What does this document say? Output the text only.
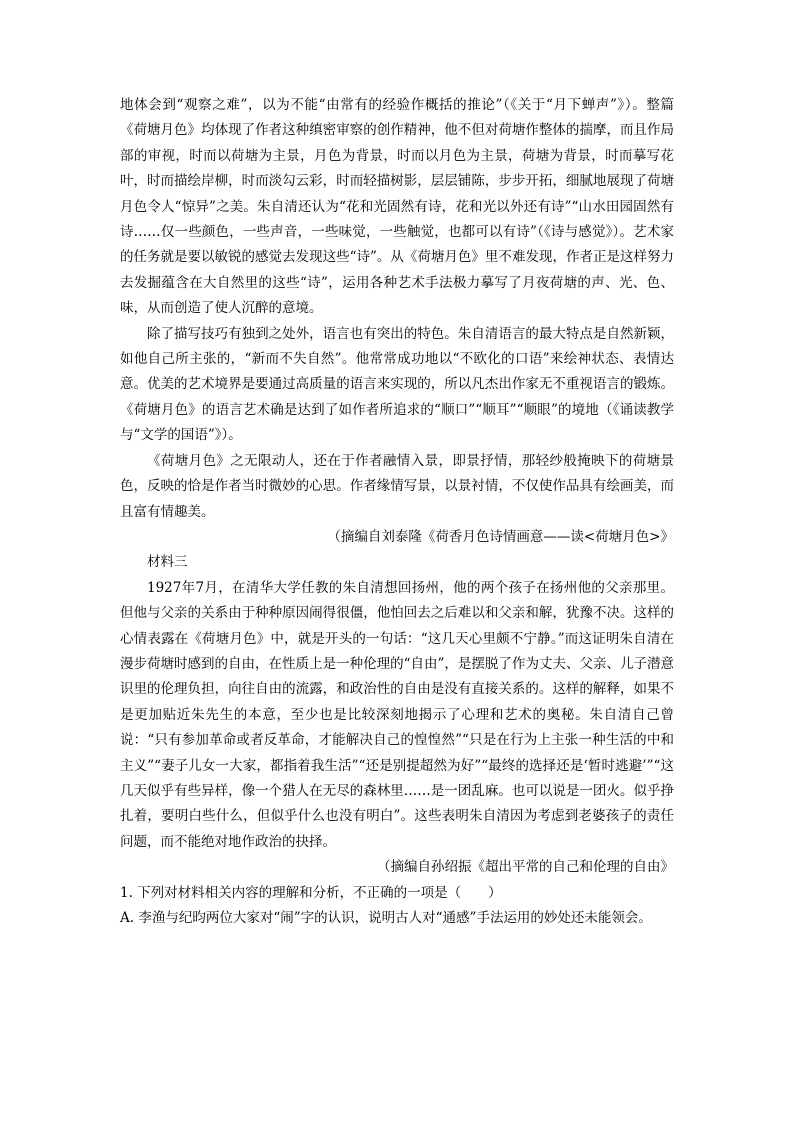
地体会到“观察之难”，以为不能“由常有的经验作概括的推论”（《关于“月下蝉声”》）。整篇《荷塘月色》均体现了作者这种缜密审察的创作精神，他不但对荷塘作整体的揣摩，而且作局部的审视，时而以荷塘为主景，月色为背景，时而以月色为主景，荷塘为背景，时而摹写花叶，时而描绘岸柳，时而淡勾云彩，时而轻描树影，层层铺陈，步步开拓，细腻地展现了荷塘月色令人“惊异”之美。朱自清还认为“花和光固然有诗，花和光以外还有诗”“山水田园固然有诗……仅一些颜色，一些声音，一些味觉，一些触觉，也都可以有诗”（《诗与感觉》）。艺术家的任务就是要以敏锐的感觉去发现这些“诗”。从《荷塘月色》里不难发现，作者正是这样努力去发掘蕴含在大自然里的这些“诗”，运用各种艺术手法极力摹写了月夜荷塘的声、光、色、味，从而创造了使人沉醉的意境。

除了描写技巧有独到之处外，语言也有突出的特色。朱自清语言的最大特点是自然新颖，如他自己所主张的，“新而不失自然”。他常常成功地以“不欧化的口语”来绘神状态、表情达意。优美的艺术境界是要通过高质量的语言来实现的，所以凡杰出作家无不重视语言的锻炼。《荷塘月色》的语言艺术确是达到了如作者所追求的“顺口”“顺耳”“顺眼”的境地（《诵读教学与“文学的国语”》）。

《荷塘月色》之无限动人，还在于作者融情入景，即景抒情，那轻纱般掩映下的荷塘景色，反映的恰是作者当时微妙的心思。作者缘情写景，以景衬情，不仅使作品具有绘画美，而且富有情趣美。

（摘编自刘泰隆《荷香月色诗情画意——读<荷塘月色>》

材料三

1927年7月，在清华大学任教的朱自清想回扬州，他的两个孩子在扬州他的父亲那里。但他与父亲的关系由于种种原因闹得很僵，他怕回去之后难以和父亲和解，犹豫不决。这样的心情表露在《荷塘月色》中，就是开头的一句话：“这几天心里颇不宁静。”而这证明朱自清在漫步荷塘时感到的自由，在性质上是一种伦理的“自由”，是摆脱了作为丈夫、父亲、儿子潜意识里的伦理负担，向往自由的流露，和政治性的自由是没有直接关系的。这样的解释，如果不是更加贴近朱先生的本意，至少也是比较深刻地揭示了心理和艺术的奥秘。朱自清自己曾说：“只有参加革命或者反革命，才能解决自己的惶惶然”“只是在行为上主张一种生活的中和主义”“妻子儿女一大家，都指着我生活”“还是别提超然为好”“最终的选择还是‘暂时逃避’”“这几天似乎有些异样，像一个猎人在无尽的森林里……是一团乱麻。也可以说是一团火。似乎挣扎着，要明白些什么，但似乎什么也没有明白”。这些表明朱自清因为考虑到老婆孩子的责任问题，而不能绝对地作政治的抉择。

（摘编自孙绍振《超出平常的自己和伦理的自由》

1. 下列对材料相关内容的理解和分析，不正确的一项是（　　）

A. 李渔与纪昀两位大家对“闹”字的认识，说明古人对“通感”手法运用的妙处还未能领会。
